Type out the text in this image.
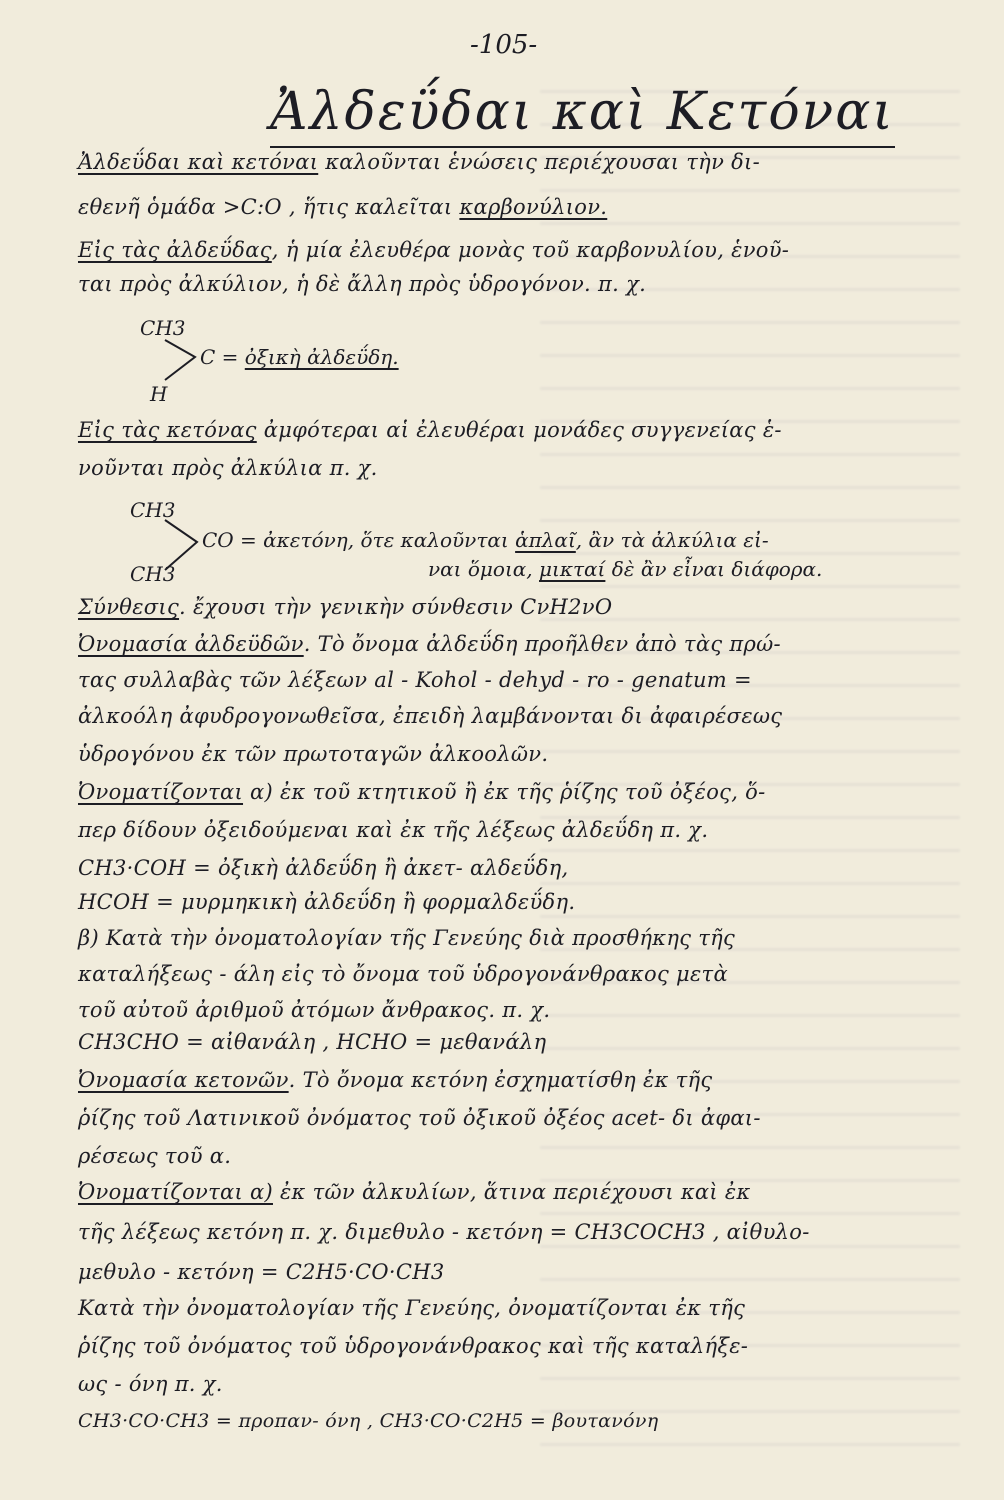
-105-
Ἀλδεΰδαι καὶ Κετόναι
Ἀλδεΰδαι καὶ κετόναι καλοῦνται ἑνώσεις περιέχουσαι τὴν δι-
εθενῆ ὁμάδα >C:O , ἥτις καλεῖται καρβονύλιον.
Εἰς τὰς ἀλδεΰδας, ἡ μία ἐλευθέρα μονὰς τοῦ καρβονυλίου, ἑνοῦ-
ται πρὸς ἀλκύλιον, ἡ δὲ ἄλλη πρὸς ὑδρογόνον. π. χ.
CH3
H
C = ὀξικὴ ἀλδεΰδη.
Εἰς τὰς κετόνας ἀμφότεραι αἱ ἐλευθέραι μονάδες συγγενείας ἑ-
νοῦνται πρὸς ἀλκύλια π. χ.
CH3
CH3
CO = ἀκετόνη, ὅτε καλοῦνται ἁπλαῖ, ἂν τὰ ἀλκύλια εἰ-
ναι ὅμοια, μικταί δὲ ἂν εἶναι διάφορα.
Σύνθεσις. ἔχουσι τὴν γενικὴν σύνθεσιν CνH2νO
Ὀνομασία ἀλδεϋδῶν. Τὸ ὄνομα ἀλδεΰδη προῆλθεν ἀπὸ τὰς πρώ-
τας συλλαβὰς τῶν λέξεων al - Kohol - dehyd - ro - genatum =
ἀλκοόλη ἀφυδρογονωθεῖσα, ἐπειδὴ λαμβάνονται δι ἀφαιρέσεως
ὑδρογόνου ἐκ τῶν πρωτοταγῶν ἀλκοολῶν.
Ὀνοματίζονται α) ἐκ τοῦ κτητικοῦ ἢ ἐκ τῆς ῥίζης τοῦ ὀξέος, ὅ-
περ δίδουν ὀξειδούμεναι καὶ ἐκ τῆς λέξεως ἀλδεΰδη π. χ.
CH3·COH = ὀξικὴ ἀλδεΰδη ἢ ἀκετ- αλδεΰδη,
HCOH = μυρμηκικὴ ἀλδεΰδη ἢ φορμαλδεΰδη.
β) Κατὰ τὴν ὀνοματολογίαν τῆς Γενεύης διὰ προσθήκης τῆς
καταλήξεως - άλη εἰς τὸ ὄνομα τοῦ ὑδρογονάνθρακος μετὰ
τοῦ αὐτοῦ ἀριθμοῦ ἀτόμων ἄνθρακος. π. χ.
CH3CHO = αἰθανάλη , HCHO = μεθανάλη
Ὀνομασία κετονῶν. Τὸ ὄνομα κετόνη ἐσχηματίσθη ἐκ τῆς
ῥίζης τοῦ Λατινικοῦ ὀνόματος τοῦ ὀξικοῦ ὀξέος acet- δι ἀφαι-
ρέσεως τοῦ α.
Ὀνοματίζονται α) ἐκ τῶν ἀλκυλίων, ἅτινα περιέχουσι καὶ ἐκ
τῆς λέξεως κετόνη π. χ. διμεθυλο - κετόνη = CH3COCH3 , αἰθυλο-
μεθυλο - κετόνη = C2H5·CO·CH3
Κατὰ τὴν ὀνοματολογίαν τῆς Γενεύης, ὀνοματίζονται ἐκ τῆς
ῥίζης τοῦ ὀνόματος τοῦ ὑδρογονάνθρακος καὶ τῆς καταλήξε-
ως - όνη π. χ.
CH3·CO·CH3 = προπαν- όνη , CH3·CO·C2H5 = βουτανόνη
